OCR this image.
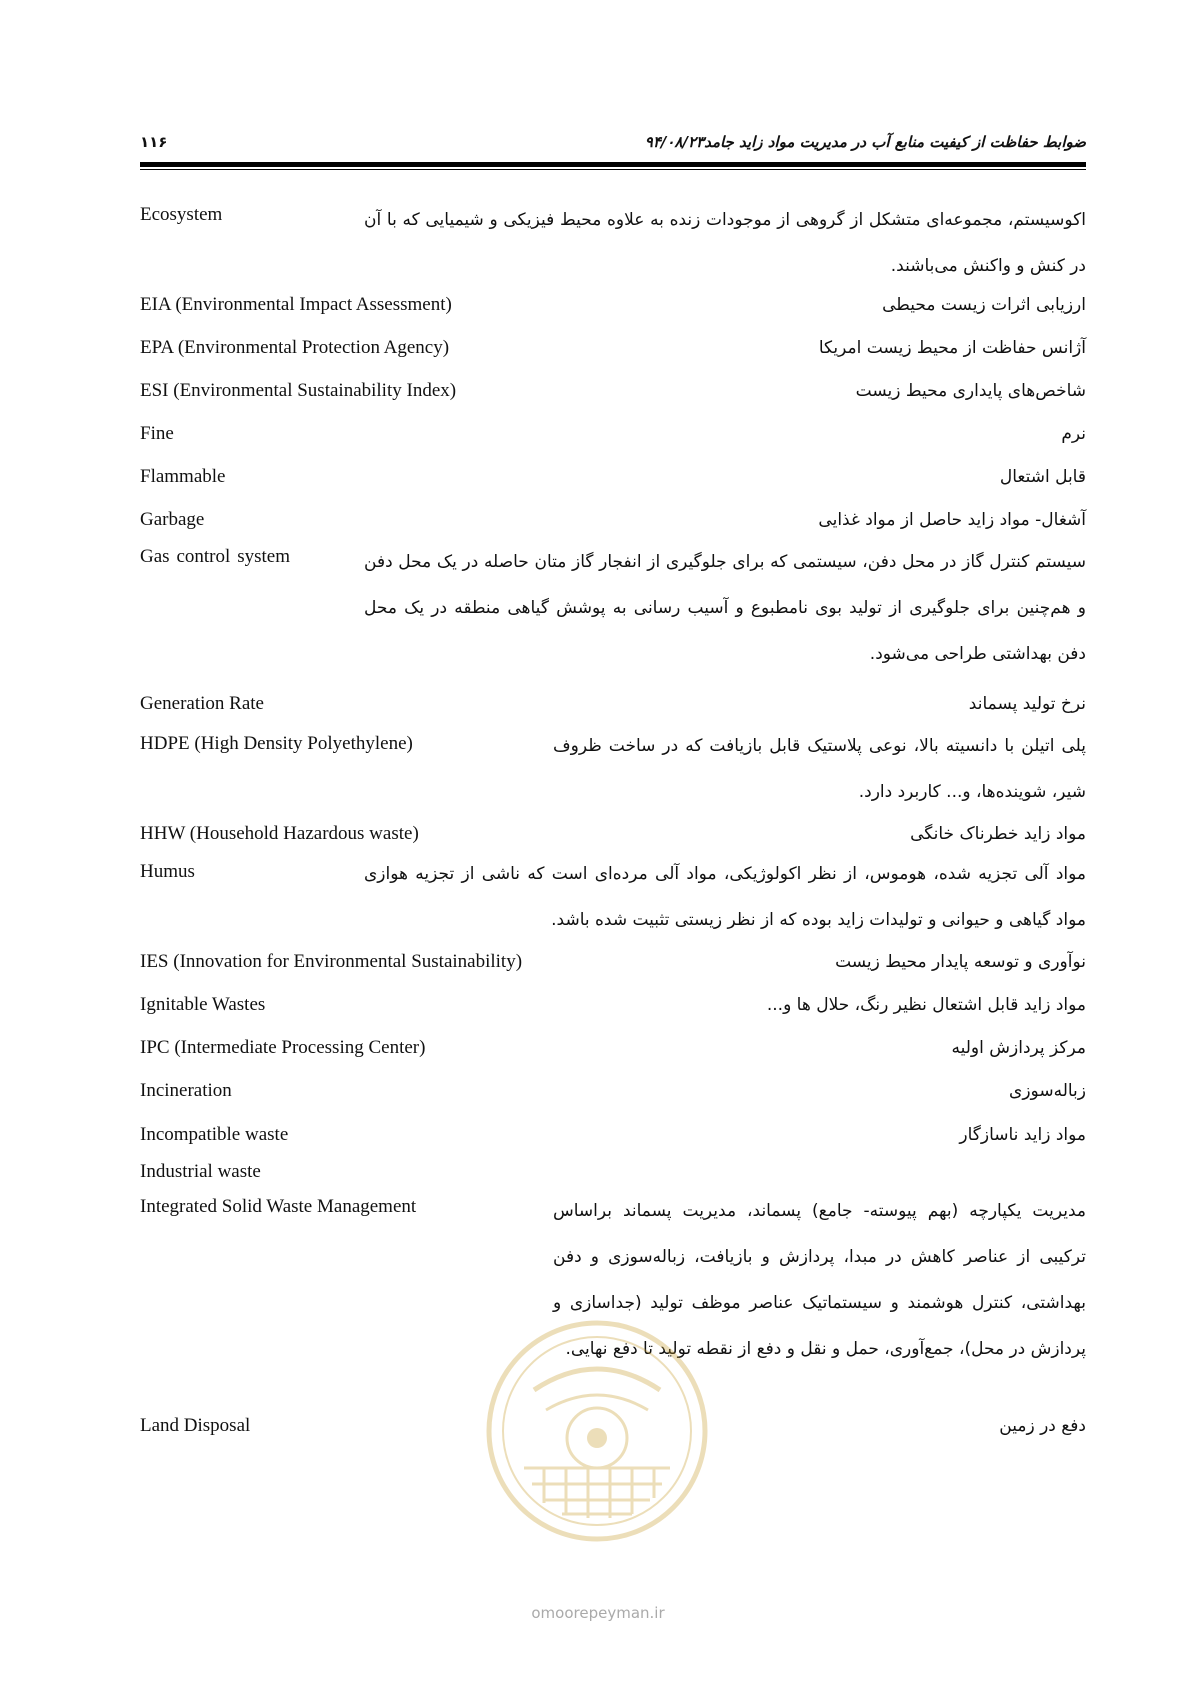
۱۱۶	ضوابط حفاظت از کیفیت منابع آب در مدیریت مواد زاید جامد۹۴/۰۸/۲۳
Ecosystem	اکوسیستم، مجموعه‌ای متشکل از گروهی از موجودات زنده به علاوه محیط فیزیکی و شیمیایی که با آن در کنش و واکنش می‌باشند.
EIA (Environmental Impact Assessment)	ارزیابی اثرات زیست محیطی
EPA (Environmental Protection Agency)	آژانس حفاظت از محیط زیست امریکا
ESI (Environmental Sustainability Index)	شاخص‌های پایداری محیط زیست
Fine	نرم
Flammable	قابل اشتعال
Garbage	آشغال- مواد زاید حاصل از مواد غذایی
Gas control system	سیستم کنترل گاز در محل دفن، سیستمی که برای جلوگیری از انفجار گاز متان حاصله در یک محل دفن و هم‌چنین برای جلوگیری از تولید بوی نامطبوع و آسیب رسانی به پوشش گیاهی منطقه در یک محل دفن بهداشتی طراحی می‌شود.
Generation Rate	نرخ تولید پسماند
HDPE (High Density Polyethylene)	پلی اتیلن با دانسیته بالا، نوعی پلاستیک قابل بازیافت که در ساخت ظروف شیر، شوینده‌ها، و... کاربرد دارد.
HHW (Household Hazardous waste)	مواد زاید خطرناک خانگی
Humus	مواد آلی تجزیه شده، هوموس، از نظر اکولوژیکی، مواد آلی مرده‌ای است که ناشی از تجزیه هوازی مواد گیاهی و حیوانی و تولیدات زاید بوده که از نظر زیستی تثبیت شده باشد.
IES (Innovation for Environmental Sustainability)	نوآوری و توسعه پایدار محیط زیست
Ignitable Wastes	مواد زاید قابل اشتعال نظیر رنگ، حلال ها و...
IPC (Intermediate Processing Center)	مرکز پردازش اولیه
Incineration	زباله‌سوزی
Incompatible waste	مواد زاید ناسازگار
Industrial waste
Integrated Solid Waste Management	مدیریت یکپارچه (بهم پیوسته- جامع) پسماند، مدیریت پسماند براساس ترکیبی از عناصر کاهش در مبدا، پردازش و بازیافت، زباله‌سوزی و دفن بهداشتی، کنترل هوشمند و سیستماتیک عناصر موظف تولید (جداسازی و پردازش در محل)، جمع‌آوری، حمل و نقل و دفع از نقطه تولید تا دفع نهایی.
Land Disposal	دفع در زمین
omoorepeyman.ir
